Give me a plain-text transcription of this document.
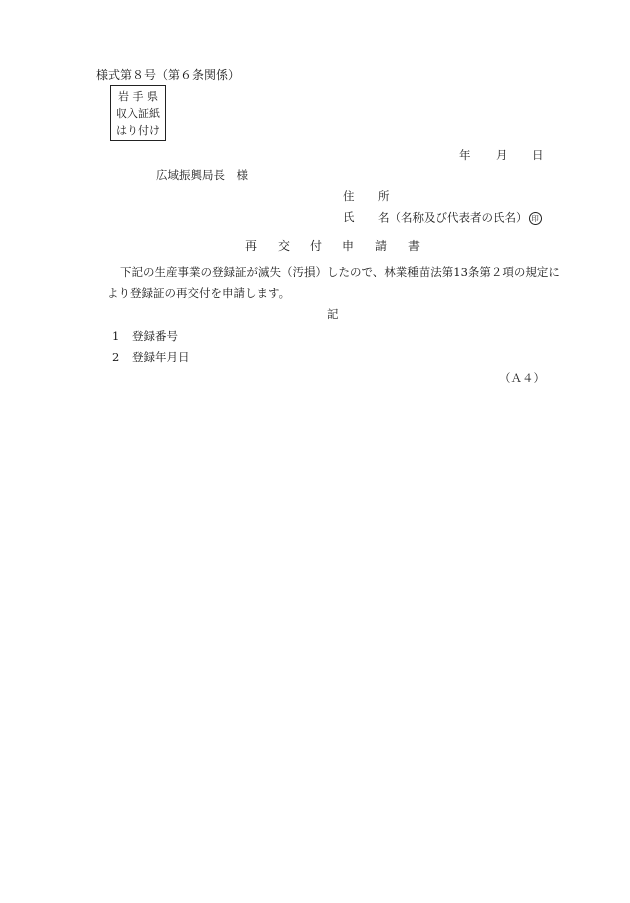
様式第８号（第６条関係）
岩 手 県
収入証紙
はり付け
年 月 日
広域振興局長　様
住 所
氏 名（名称及び代表者の氏名） 印
再 交 付 申 請 書
下記の生産事業の登録証が滅失（汚損）したので、林業種苗法第13条第２項の規定に
より登録証の再交付を申請します。
記
1 登録番号
2 登録年月日
（Ａ４）
